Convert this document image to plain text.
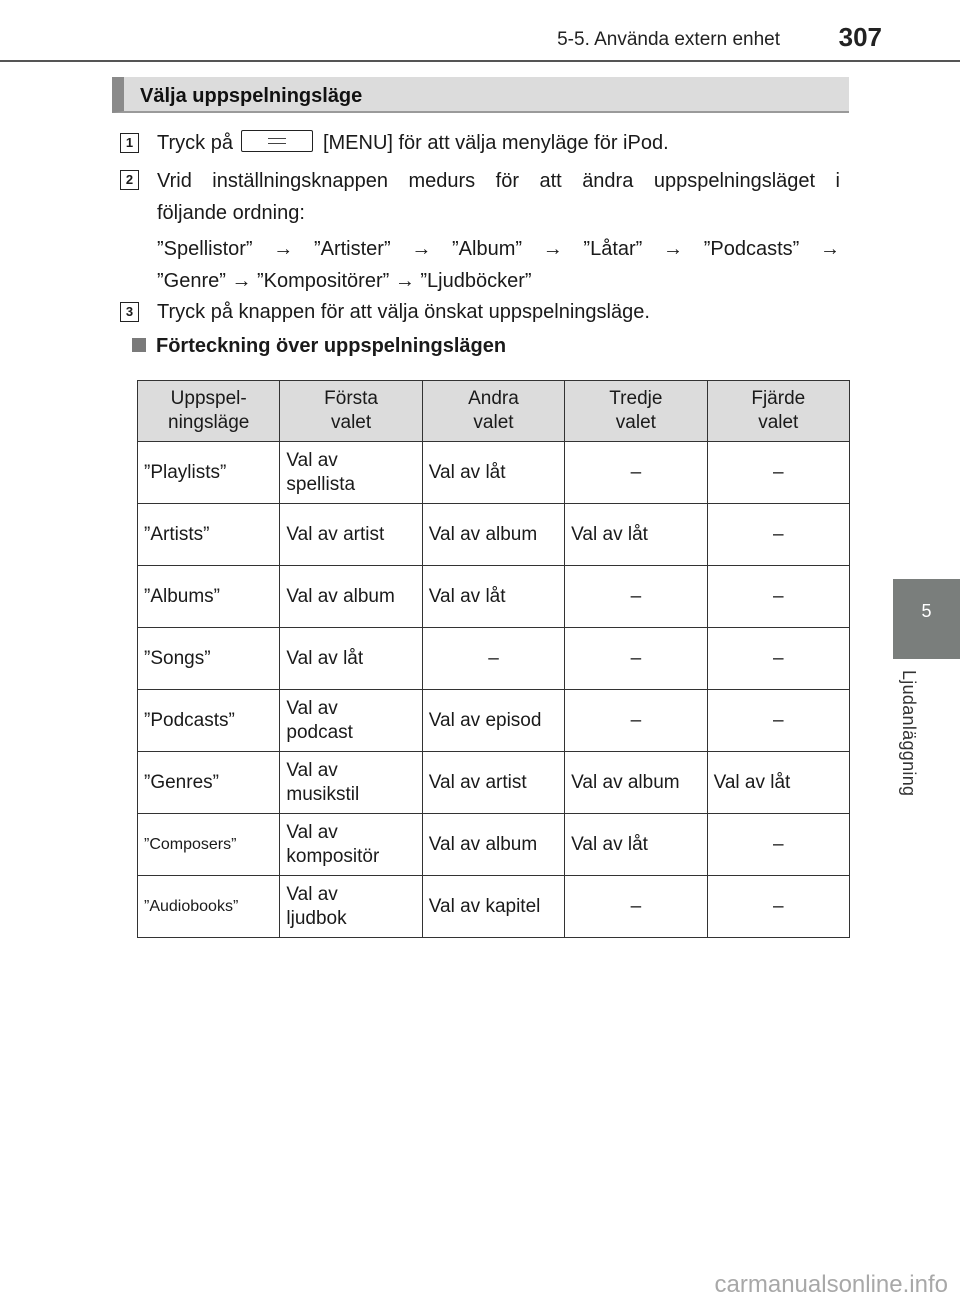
5-5. Använda extern enhet 307
5
Ljudanläggning
Välja uppspelningsläge
1 Tryck på	[MENU] för att välja menyläge för iPod.
2 Vrid inställningsknappen medurs för att ändra uppspelningsläget i
följande ordning:
”Spellistor” → ”Artister” → ”Album” → ”Låtar” → ”Podcasts” →
”Genre” → ”Kompositörer” → ”Ljudböcker”
3 Tryck på knappen för att välja önskat uppspelningsläge.
Förteckning över uppspelningslägen
Uppspel-
ningsläge	Första
valet	Andra
valet	Tredje
valet	Fjärde
valet
”Playlists”	Val av
spellista	Val av låt	–	–
”Artists”	Val av artist	Val av album	Val av låt	–
”Albums”	Val av album	Val av låt	–	–
”Songs”	Val av låt	–	–	–
”Podcasts”	Val av
podcast	Val av episod	–	–
”Genres”	Val av
musikstil	Val av artist	Val av album	Val av låt
”Composers”	Val av
kompositör	Val av album	Val av låt	–
”Audiobooks”	Val av
ljudbok	Val av kapitel	–	–
carmanualsonline.info
